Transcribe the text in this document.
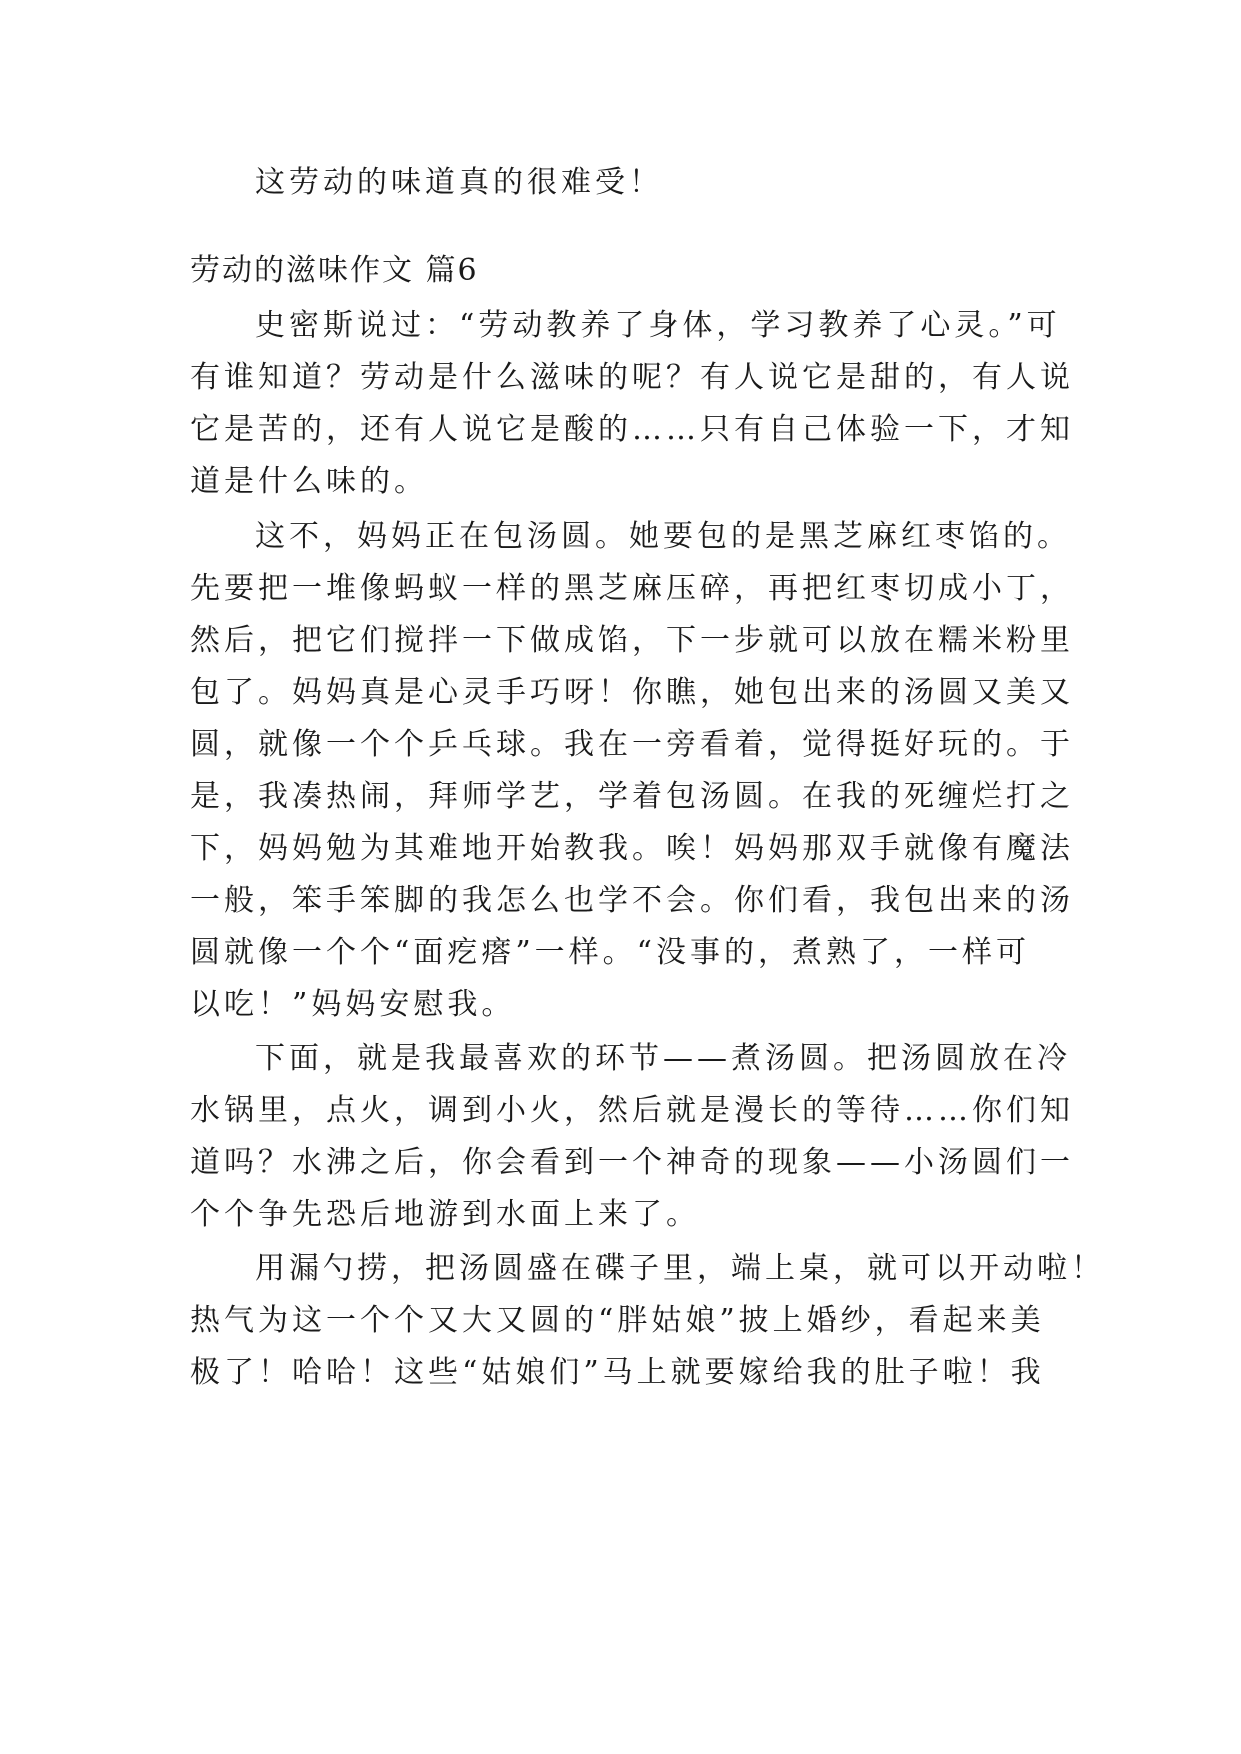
这劳动的味道真的很难受！
劳动的滋味作文 篇6
史密斯说过：“劳动教养了身体，学习教养了心灵。”可
有谁知道？劳动是什么滋味的呢？有人说它是甜的，有人说
它是苦的，还有人说它是酸的……只有自己体验一下，才知
道是什么味的。
这不，妈妈正在包汤圆。她要包的是黑芝麻红枣馅的。
先要把一堆像蚂蚁一样的黑芝麻压碎，再把红枣切成小丁，
然后，把它们搅拌一下做成馅，下一步就可以放在糯米粉里
包了。妈妈真是心灵手巧呀！你瞧，她包出来的汤圆又美又
圆，就像一个个乒乓球。我在一旁看着，觉得挺好玩的。于
是，我凑热闹，拜师学艺，学着包汤圆。在我的死缠烂打之
下，妈妈勉为其难地开始教我。唉！妈妈那双手就像有魔法
一般，笨手笨脚的我怎么也学不会。你们看，我包出来的汤
圆就像一个个“面疙瘩”一样。“没事的，煮熟了，一样可
以吃！”妈妈安慰我。
下面，就是我最喜欢的环节——煮汤圆。把汤圆放在冷
水锅里，点火，调到小火，然后就是漫长的等待……你们知
道吗？水沸之后，你会看到一个神奇的现象——小汤圆们一
个个争先恐后地游到水面上来了。
用漏勺捞，把汤圆盛在碟子里，端上桌，就可以开动啦！
热气为这一个个又大又圆的“胖姑娘”披上婚纱，看起来美
极了！哈哈！这些“姑娘们”马上就要嫁给我的肚子啦！我
